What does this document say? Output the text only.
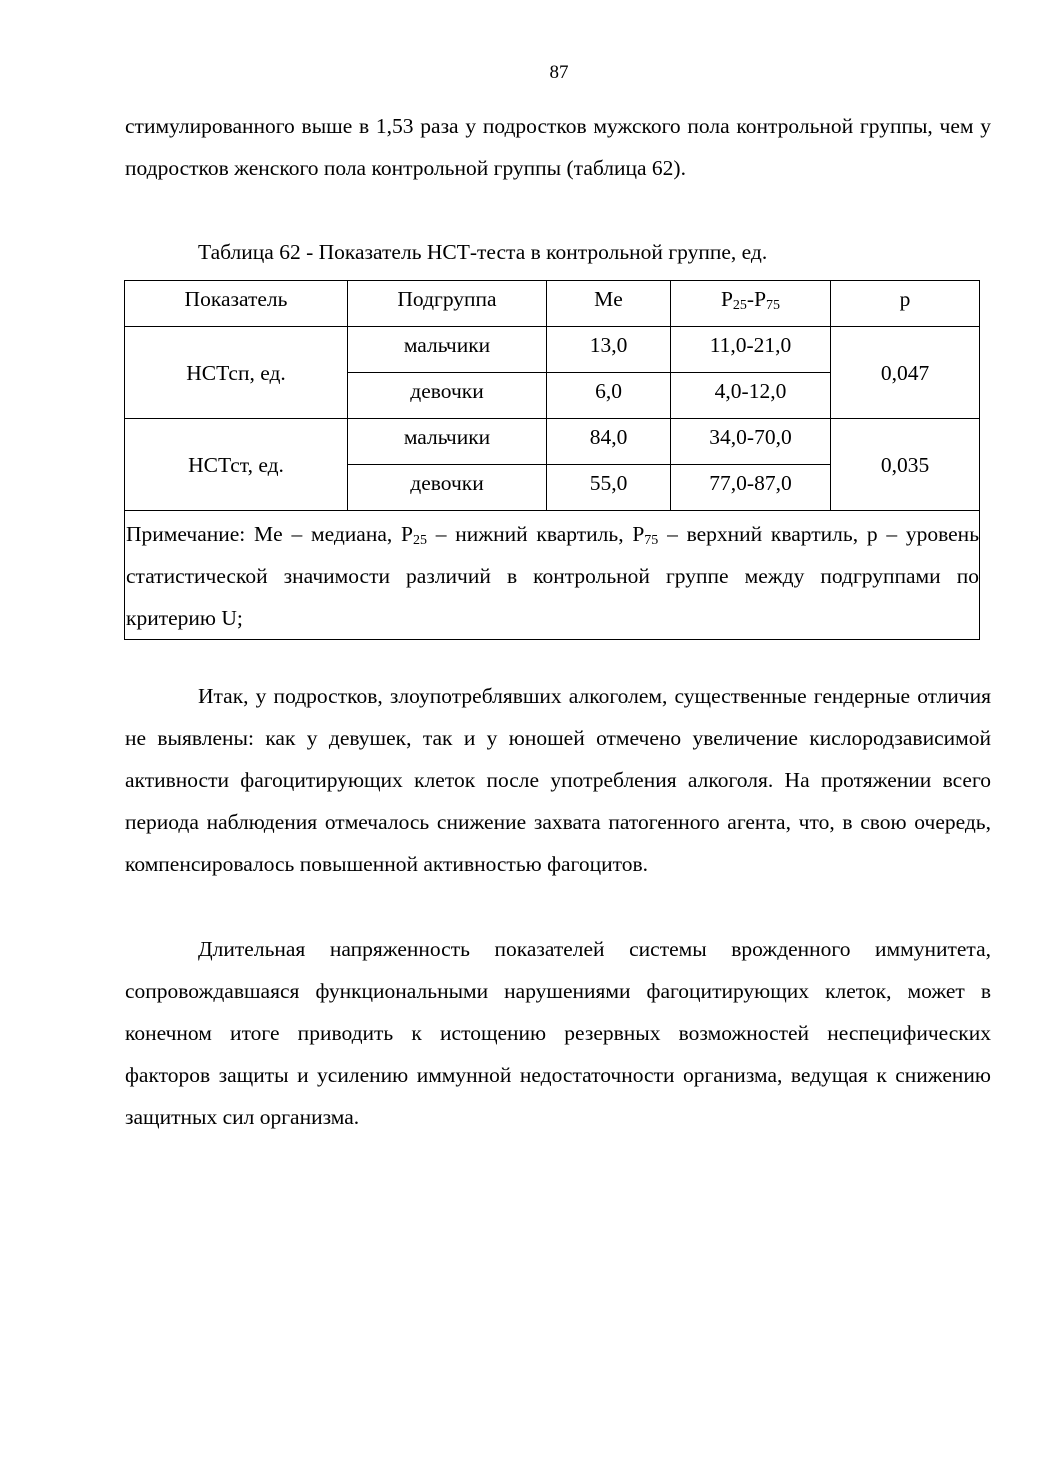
87

стимулированного выше в 1,53 раза у подростков мужского пола контрольной группы, чем у подростков женского пола контрольной группы (таблица 62).

Таблица 62 - Показатель НСТ-теста в контрольной группе, ед.
Показатель	Подгруппа	Me	$P_{25}-P_{75}$	p
НСТсп, ед.	мальчики	13,0	11,0-21,0	0,047
	девочки	6,0	4,0-12,0	
НСТст, ед.	мальчики	84,0	34,0-70,0	0,035
	девочки	55,0	77,0-87,0	
Примечание: Me – медиана, $P_{25}$ – нижний квартиль, $P_{75}$ – верхний квартиль, p – уровень статистической значимости различий в контрольной группе между подгруппами по критерию U;				

Итак, у подростков, злоупотреблявших алкоголем, существенные гендерные отличия не выявлены: как у девушек, так и у юношей отмечено увеличение кислородзависимой активности фагоцитирующих клеток после употребления алкоголя. На протяжении всего периода наблюдения отмечалось снижение захвата патогенного агента, что, в свою очередь, компенсировалось повышенной активностью фагоцитов.

Длительная напряженность показателей системы врожденного иммунитета, сопровождавшаяся функциональными нарушениями фагоцитирующих клеток, может в конечном итоге приводить к истощению резервных возможностей неспецифических факторов защиты и усилению иммунной недостаточности организма, ведущая к снижению защитных сил организма.
